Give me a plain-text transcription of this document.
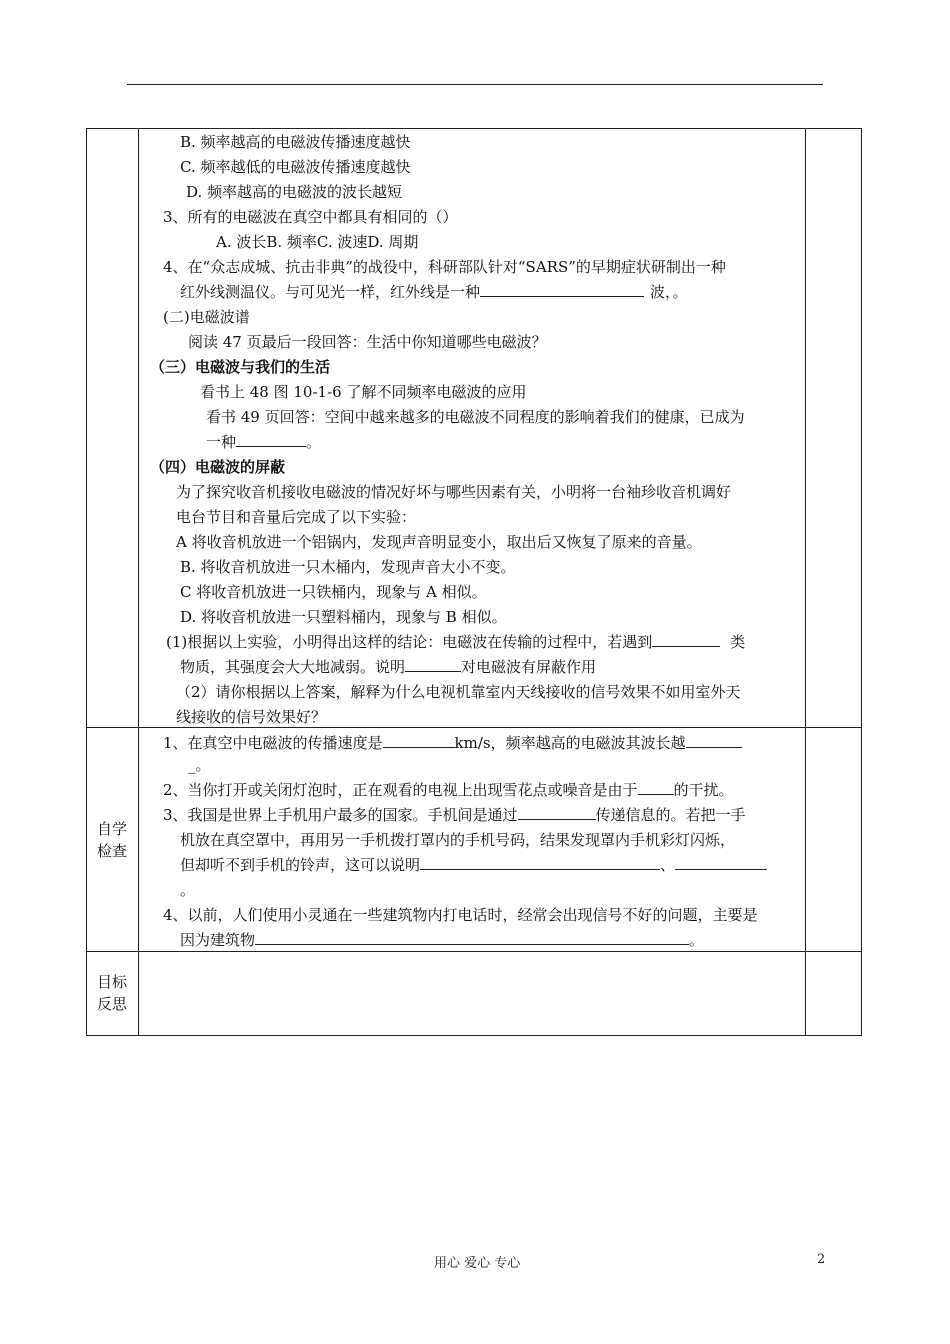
B. 频率越高的电磁波传播速度越快
C. 频率越低的电磁波传播速度越快
D. 频率越高的电磁波的波长越短
3、所有的电磁波在真空中都具有相同的（）
A. 波长B. 频率C. 波速D. 周期
4、在“众志成城、抗击非典”的战役中，科研部队针对“SARS”的早期症状研制出一种
红外线测温仪。与可见光一样，红外线是一种	波，。
(二)电磁波谱
阅读 47 页最后一段回答：生活中你知道哪些电磁波？
（三）电磁波与我们的生活
看书上 48 图 10-1-6 了解不同频率电磁波的应用
看书 49 页回答：空间中越来越多的电磁波不同程度的影响着我们的健康，已成为
一种	。
（四）电磁波的屏蔽
为了探究收音机接收电磁波的情况好坏与哪些因素有关，小明将一台袖珍收音机调好
电台节目和音量后完成了以下实验：
A 将收音机放进一个铝锅内，发现声音明显变小，取出后又恢复了原来的音量。
B. 将收音机放进一只木桶内，发现声音大小不变。
C 将收音机放进一只铁桶内，现象与 A 相似。
D. 将收音机放进一只塑料桶内，现象与 B 相似。
(1)根据以上实验，小明得出这样的结论：电磁波在传输的过程中，若遇到	类
物质，其强度会大大地减弱。说明	对电磁波有屏蔽作用
（2）请你根据以上答案，解释为什么电视机靠室内天线接收的信号效果不如用室外天
线接收的信号效果好？
自学
检查
1、在真空中电磁波的传播速度是	km/s，频率越高的电磁波其波长越
_。
2、当你打开或关闭灯泡时，正在观看的电视上出现雪花点或噪音是由于 的干扰。
3、我国是世界上手机用户最多的国家。手机间是通过	传递信息的。若把一手
机放在真空罩中，再用另一手机拨打罩内的手机号码，结果发现罩内手机彩灯闪烁，
但却听不到手机的铃声，这可以说明	、
。
4、以前，人们使用小灵通在一些建筑物内打电话时，经常会出现信号不好的问题，主要是
因为建筑物	。
目标
反思
用心 爱心 专心	2
